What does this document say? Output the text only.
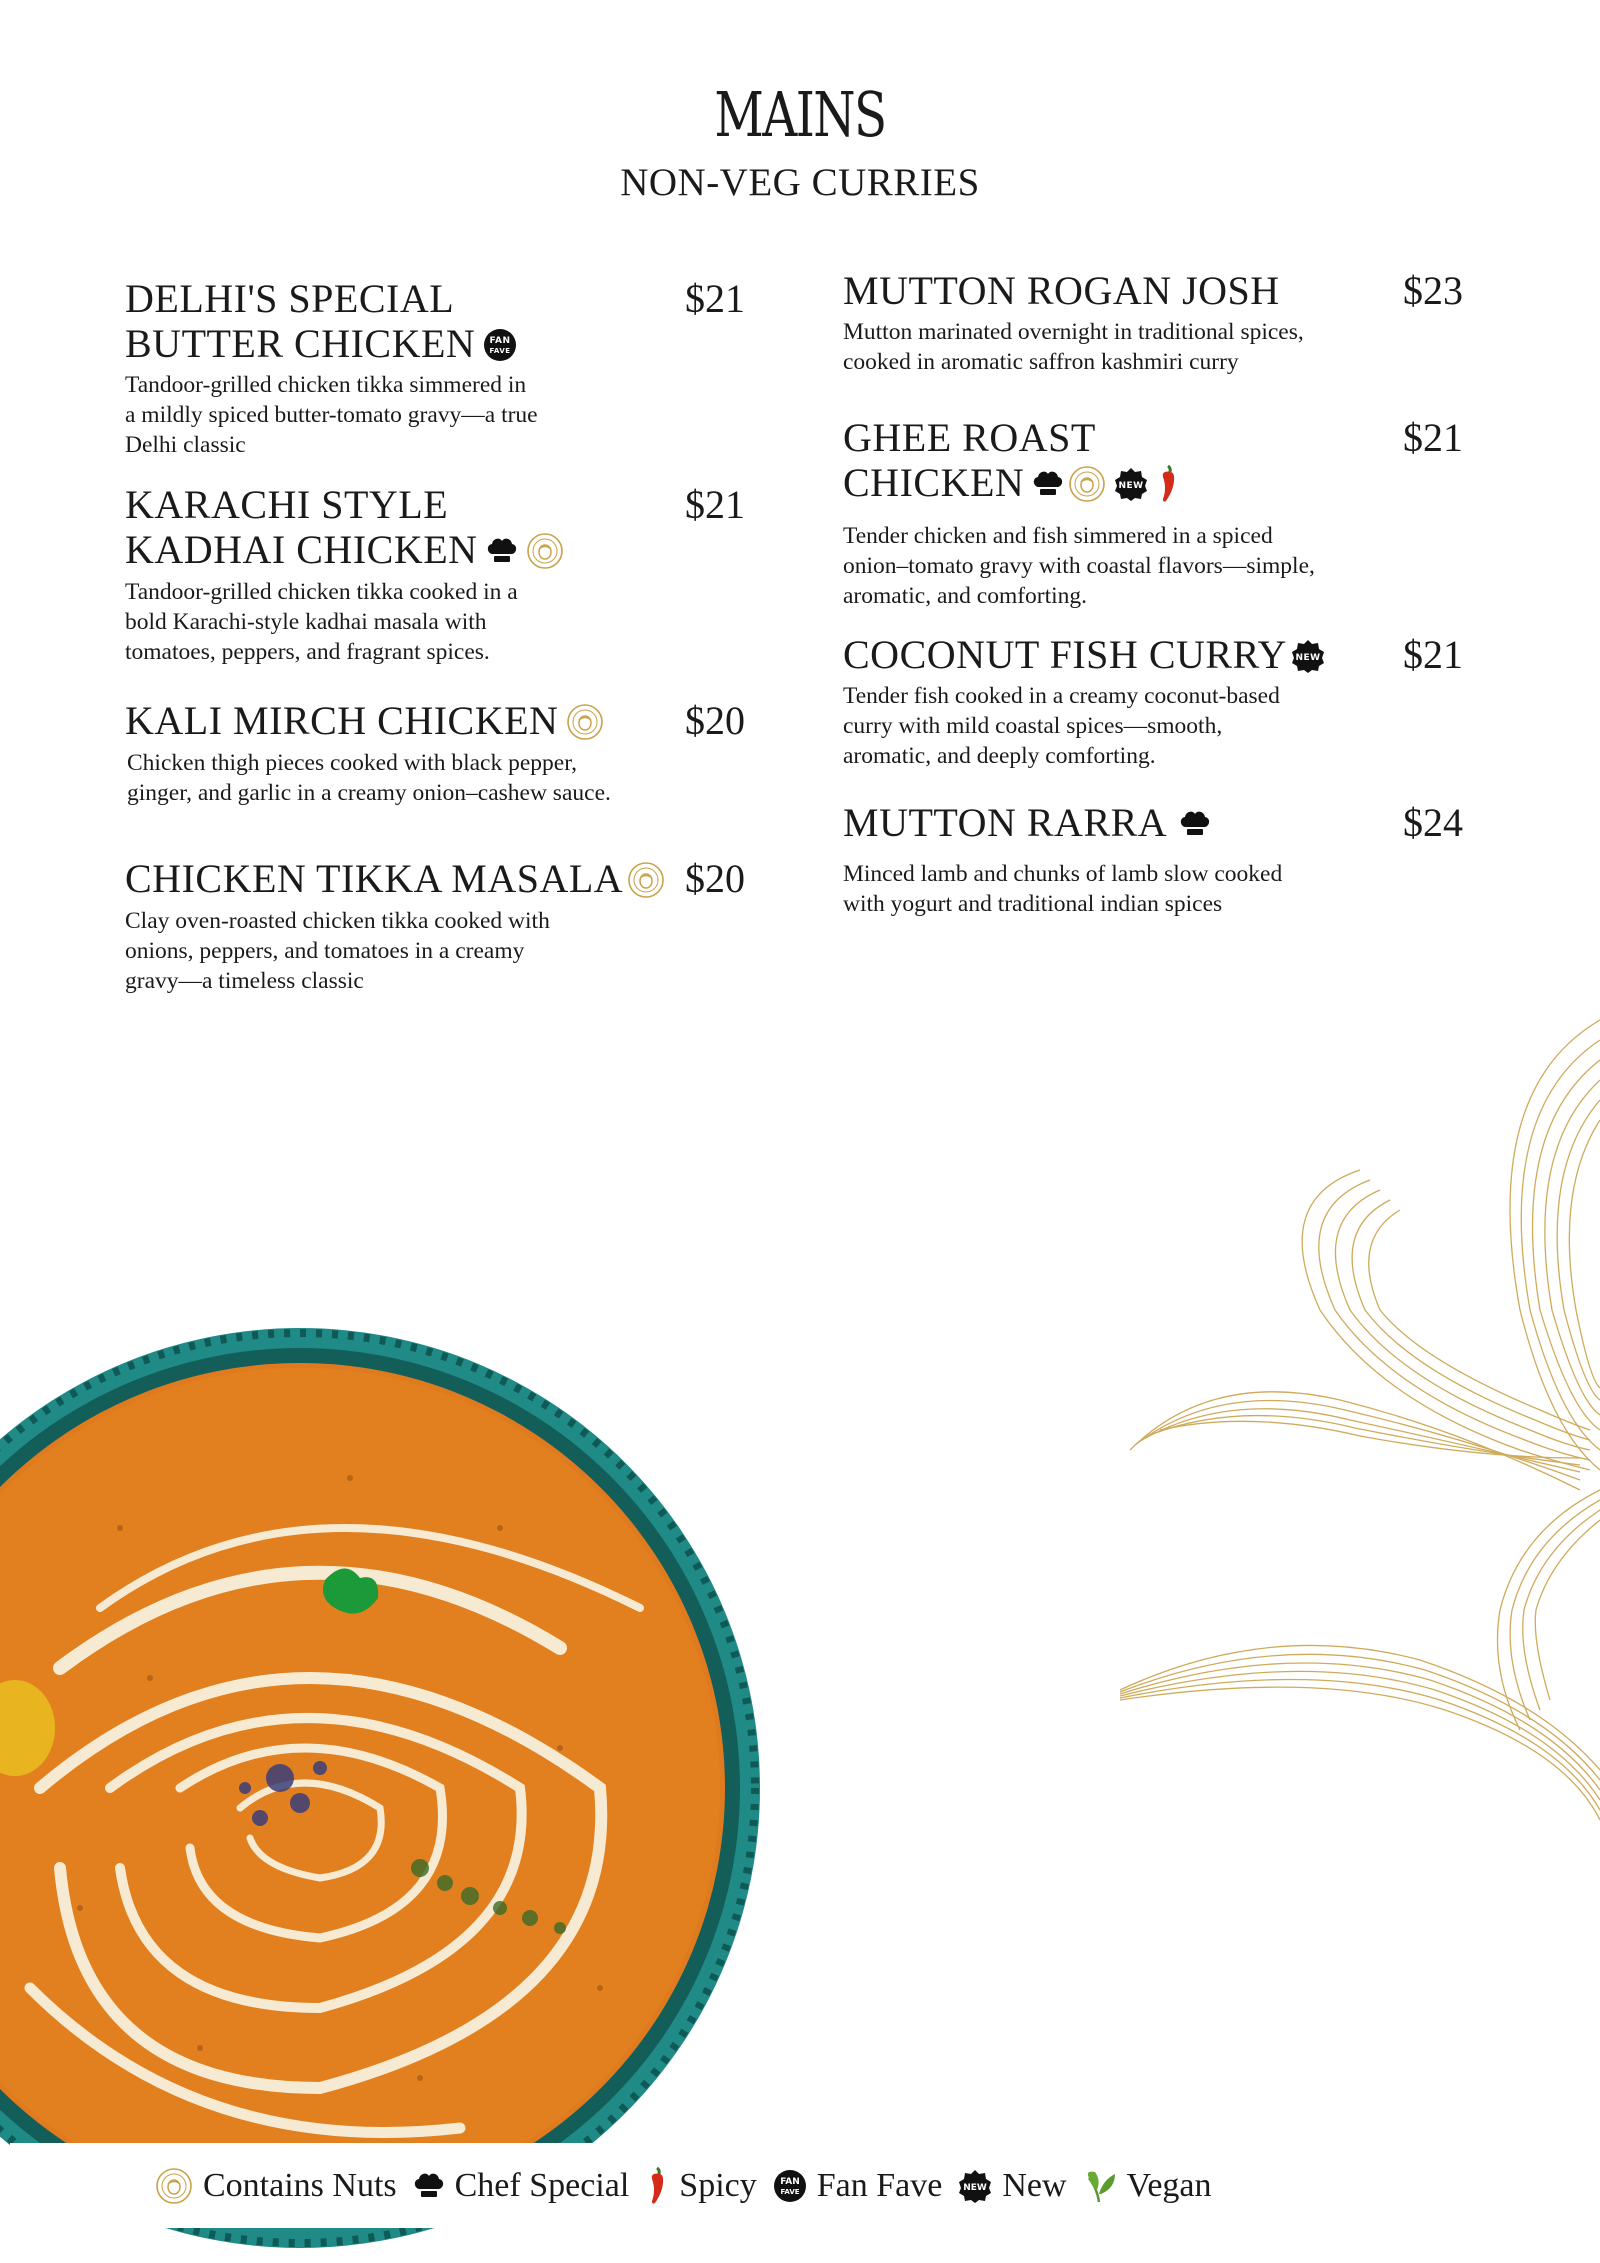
MAINS
NON-VEG CURRIES
DELHI'S SPECIAL
BUTTER CHICKEN FAN
FAVE
$21
Tandoor-grilled chicken tikka simmered in
a mildly spiced butter-tomato gravy—a true
Delhi classic
KARACHI STYLE
KADHAI CHICKEN
$21
Tandoor-grilled chicken tikka cooked in a
bold Karachi-style kadhai masala with
tomatoes, peppers, and fragrant spices.
KALI MIRCH CHICKEN	$20
Chicken thigh pieces cooked with black pepper,
ginger, and garlic in a creamy onion–cashew sauce.
CHICKEN TIKKA MASALA	$20
Clay oven-roasted chicken tikka cooked with
onions, peppers, and tomatoes in a creamy
gravy—a timeless classic
MUTTON ROGAN JOSH	$23
Mutton marinated overnight in traditional spices,
cooked in aromatic saffron kashmiri curry
GHEE ROAST
CHICKEN	NEW
$21
Tender chicken and fish simmered in a spiced
onion–tomato gravy with coastal flavors—simple,
aromatic, and comforting.
COCONUT FISH CURRY NEW $21
Tender fish cooked in a creamy coconut-based
curry with mild coastal spices—smooth,
aromatic, and deeply comforting.
MUTTON RARRA	$24
Minced lamb and chunks of lamb slow cooked
with yogurt and traditional indian spices
Contains Nuts Chef Special Spicy	FAN
FAVE Fan Fave NEW New Vegan
